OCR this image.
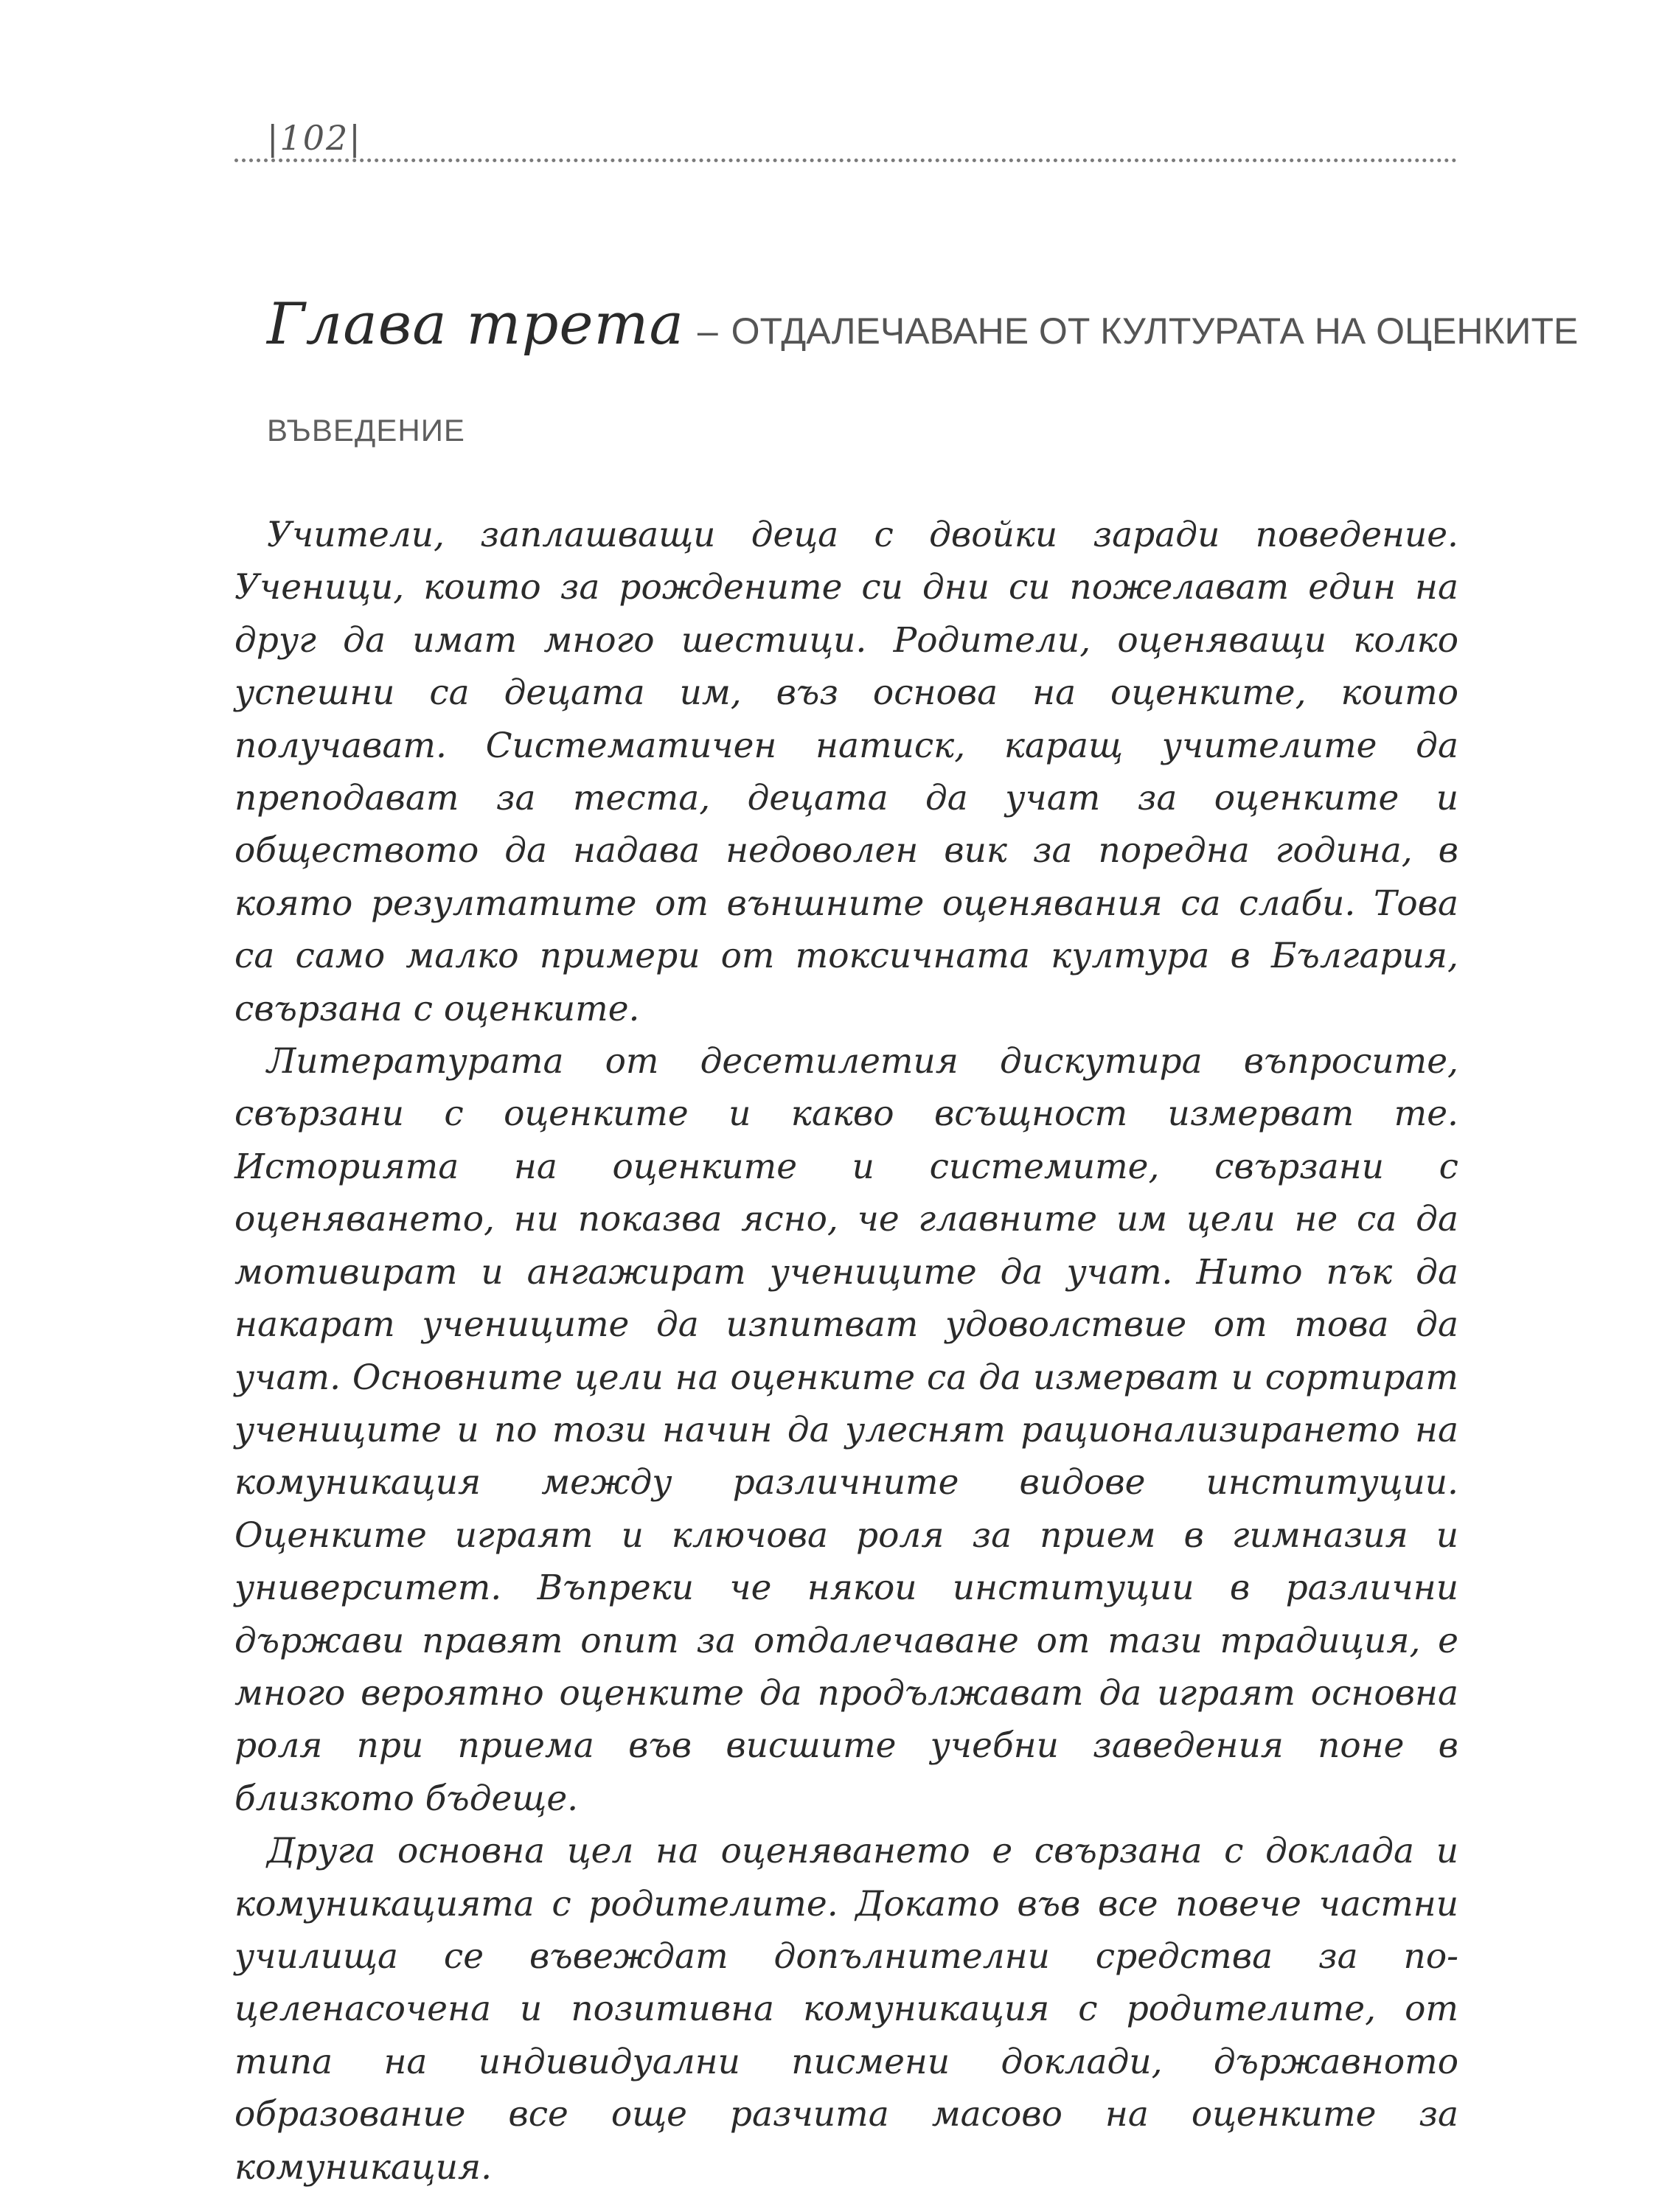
|102|
Глава трета – ОТДАЛЕЧАВАНЕ ОТ КУЛТУРАТА НА ОЦЕНКИТЕ
ВЪВЕДЕНИЕ

Учители, заплашващи деца с двойки заради поведение. Ученици, които за рождените си дни си пожелават един на друг да имат много шестици. Родители, оценяващи колко успешни са децата им, въз основа на оценките, които получават. Систематичен натиск, каращ учителите да преподават за теста, децата да учат за оценките и обществото да надава недоволен вик за поредна година, в която резултатите от външните оценявания са слаби. Това са само малко примери от токсичната култура в България, свързана с оценките.

Литературата от десетилетия дискутира въпросите, свързани с оценките и какво всъщност измерват те. Историята на оценките и системите, свързани с оценяването, ни показва ясно, че главните им цели не са да мотивират и ангажират учениците да учат. Нито пък да накарат учениците да изпитват удоволствие от това да учат. Основните цели на оценките са да измерват и сортират учениците и по този начин да улеснят рационализирането на комуникация между различните видове институции. Оценките играят и ключова роля за прием в гимназия и университет. Въпреки че някои институции в различни държави правят опит за отдалечаване от тази традиция, е много вероятно оценките да продължават да играят основна роля при приема във висшите учебни заведения поне в близкото бъдеще.

Друга основна цел на оценяването е свързана с доклада и комуникацията с родителите. Докато във все повече частни училища се въвеждат допълнителни средства за по-целенасочена и позитивна комуникация с родителите, от типа на индивидуални писмени доклади, държавното образование все още разчита масово на оценките за комуникация.
